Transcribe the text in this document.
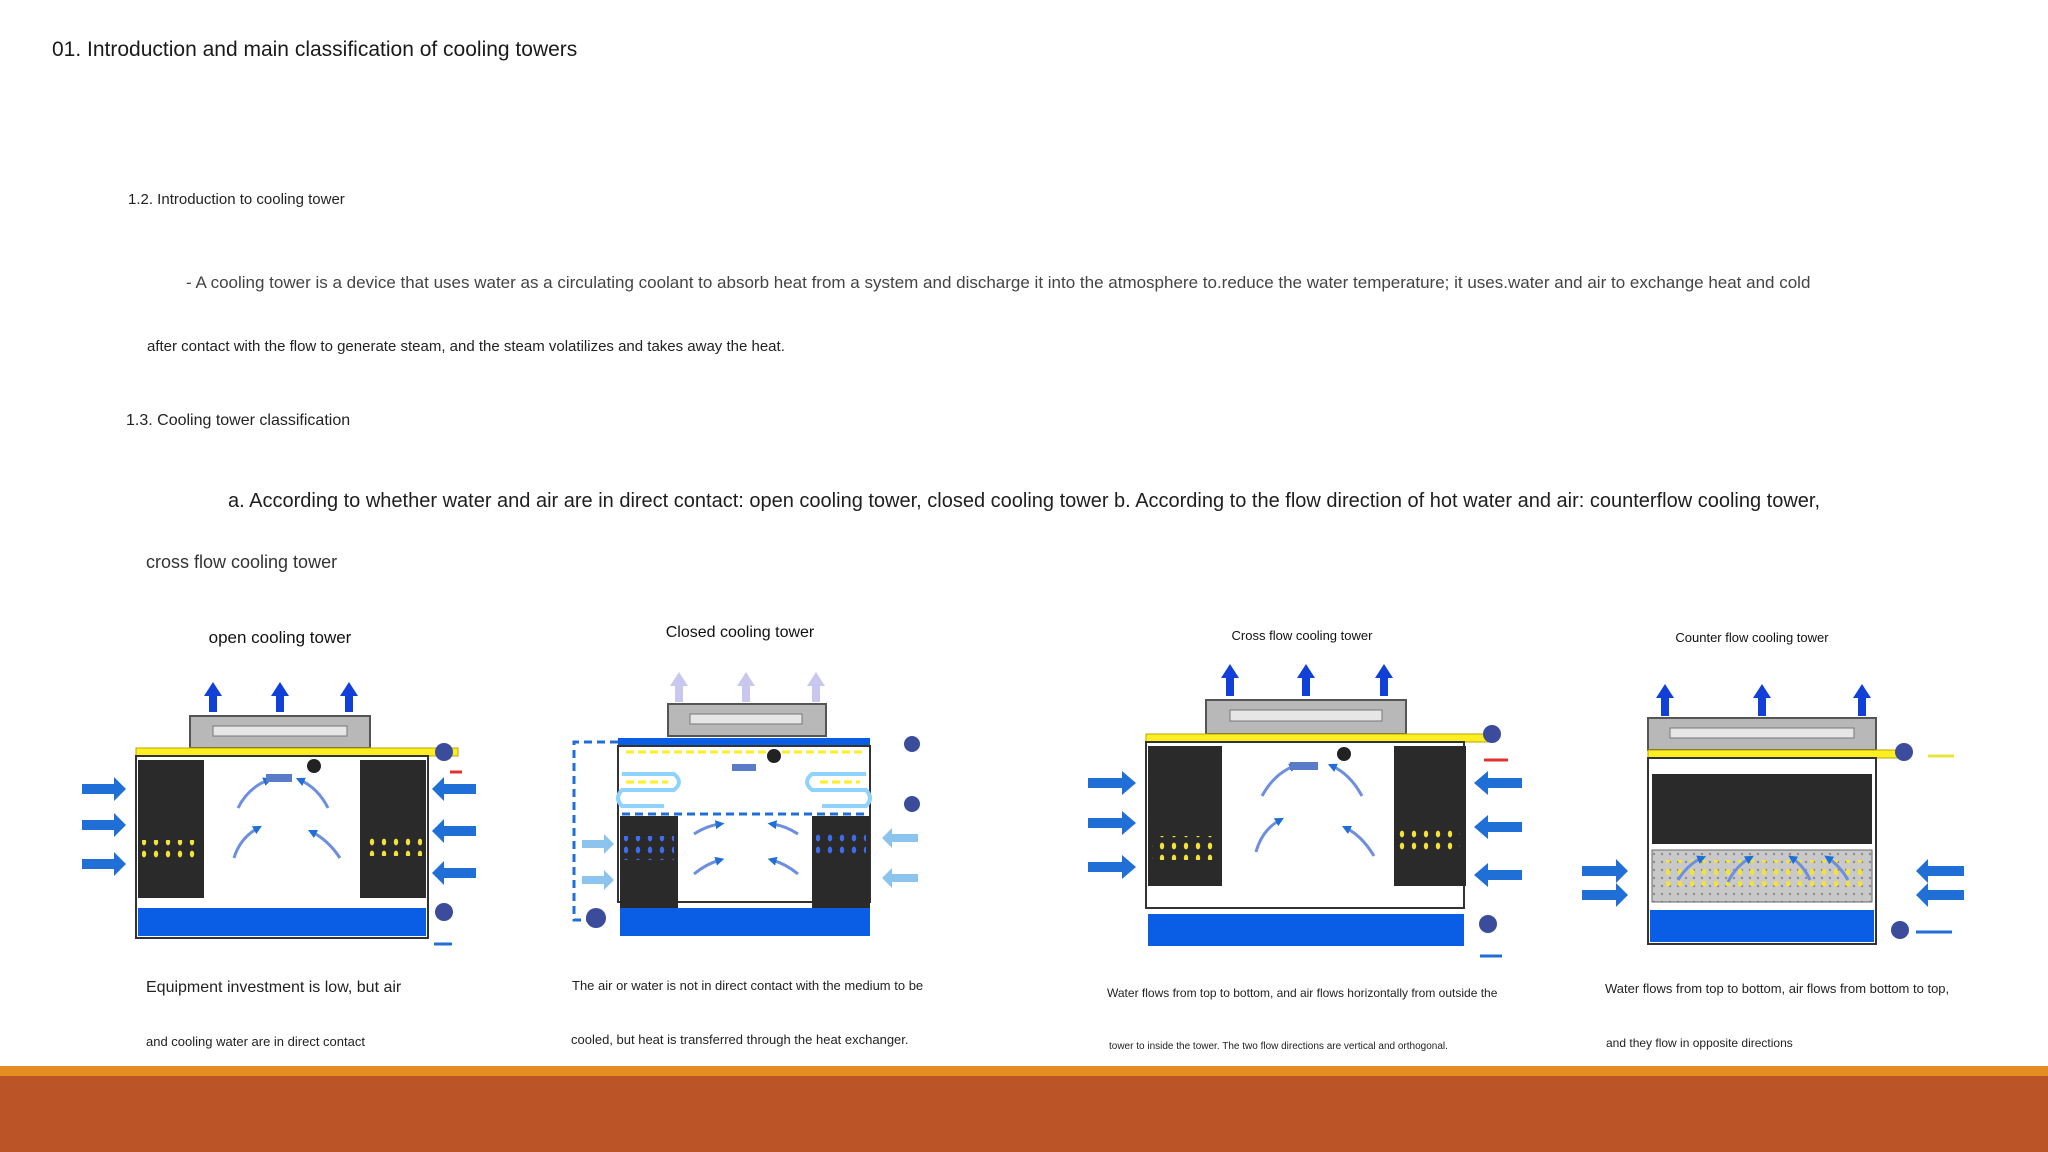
01. Introduction and main classification of cooling towers
1.2. Introduction to cooling tower
- A cooling tower is a device that uses water as a circulating coolant to absorb heat from a system and discharge it into the atmosphere to.reduce the water temperature; it uses.water and air to exchange heat and cold
after contact with the flow to generate steam, and the steam volatilizes and takes away the heat.
1.3. Cooling tower classification
a. According to whether water and air are in direct contact: open cooling tower, closed cooling tower b. According to the flow direction of hot water and air: counterflow cooling tower,
cross flow cooling tower
open cooling tower	Closed cooling tower	Cross flow cooling tower	Counter flow cooling tower
Equipment investment is low, but air
and cooling water are in direct contact
The air or water is not in direct contact with the medium to be
cooled, but heat is transferred through the heat exchanger.
Water flows from top to bottom, and air flows horizontally from outside the
tower to inside the tower. The two flow directions are vertical and orthogonal.
Water flows from top to bottom, air flows from bottom to top,
and they flow in opposite directions
